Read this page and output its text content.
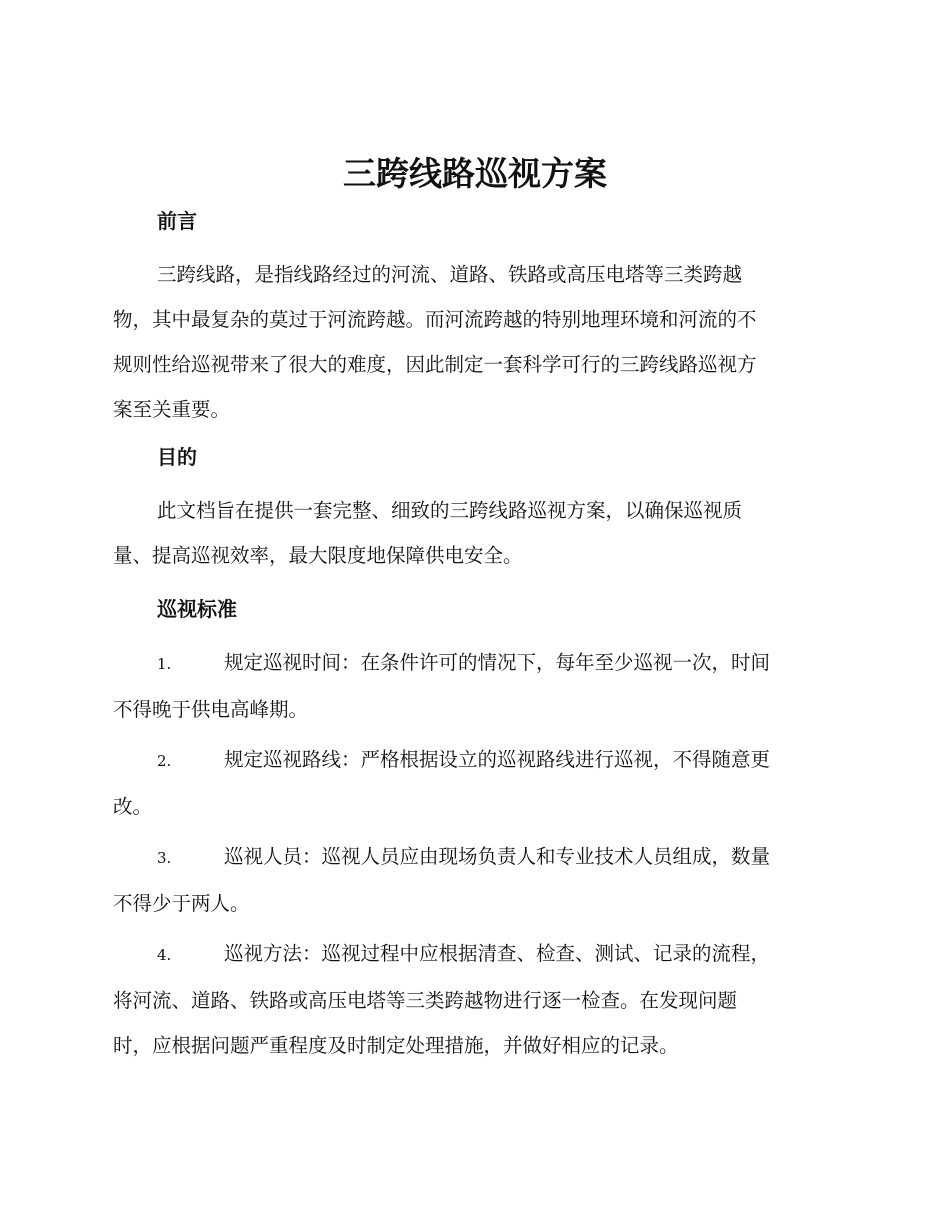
三跨线路巡视方案
前言
三跨线路，是指线路经过的河流、道路、铁路或高压电塔等三类跨越
物，其中最复杂的莫过于河流跨越。而河流跨越的特别地理环境和河流的不
规则性给巡视带来了很大的难度，因此制定一套科学可行的三跨线路巡视方
案至关重要。
目的
此文档旨在提供一套完整、细致的三跨线路巡视方案，以确保巡视质
量、提高巡视效率，最大限度地保障供电安全。
巡视标准
1.	规定巡视时间：在条件许可的情况下，每年至少巡视一次，时间
不得晚于供电高峰期。
2.	规定巡视路线：严格根据设立的巡视路线进行巡视，不得随意更
改。
3.	巡视人员：巡视人员应由现场负责人和专业技术人员组成，数量
不得少于两人。
4.	巡视方法：巡视过程中应根据清查、检查、测试、记录的流程，
将河流、道路、铁路或高压电塔等三类跨越物进行逐一检查。在发现问题
时，应根据问题严重程度及时制定处理措施，并做好相应的记录。
